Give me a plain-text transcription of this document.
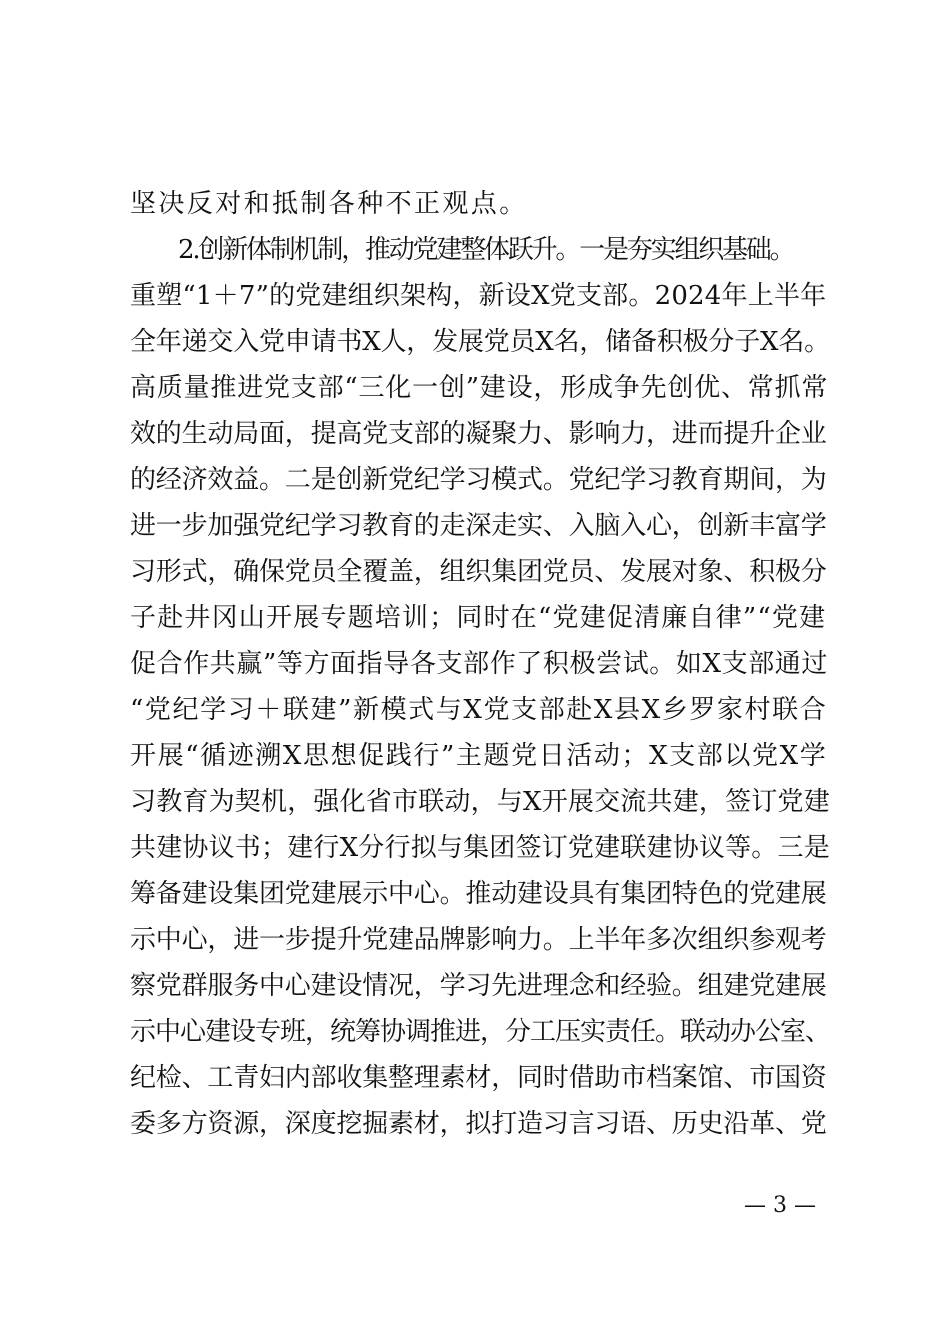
坚决反对和抵制各种不正观点。
2.创新体制机制，推动党建整体跃升。一是夯实组织基础。
重塑“1＋7”的党建组织架构，新设X党支部。2024年上半年
全年递交入党申请书X人，发展党员X名，储备积极分子X名。
高质量推进党支部“三化一创”建设，形成争先创优、常抓常
效的生动局面，提高党支部的凝聚力、影响力，进而提升企业
的经济效益。二是创新党纪学习模式。党纪学习教育期间，为
进一步加强党纪学习教育的走深走实、入脑入心，创新丰富学
习形式，确保党员全覆盖，组织集团党员、发展对象、积极分
子赴井冈山开展专题培训；同时在“党建促清廉自律”“党建
促合作共赢”等方面指导各支部作了积极尝试。如X支部通过
“党纪学习＋联建”新模式与X党支部赴X县X乡罗家村联合
开展“循迹溯X思想促践行”主题党日活动；X支部以党X学
习教育为契机，强化省市联动，与X开展交流共建，签订党建
共建协议书；建行X分行拟与集团签订党建联建协议等。三是
筹备建设集团党建展示中心。推动建设具有集团特色的党建展
示中心，进一步提升党建品牌影响力。上半年多次组织参观考
察党群服务中心建设情况，学习先进理念和经验。组建党建展
示中心建设专班，统筹协调推进，分工压实责任。联动办公室、
纪检、工青妇内部收集整理素材，同时借助市档案馆、市国资
委多方资源，深度挖掘素材，拟打造习言习语、历史沿革、党
— 3 —
